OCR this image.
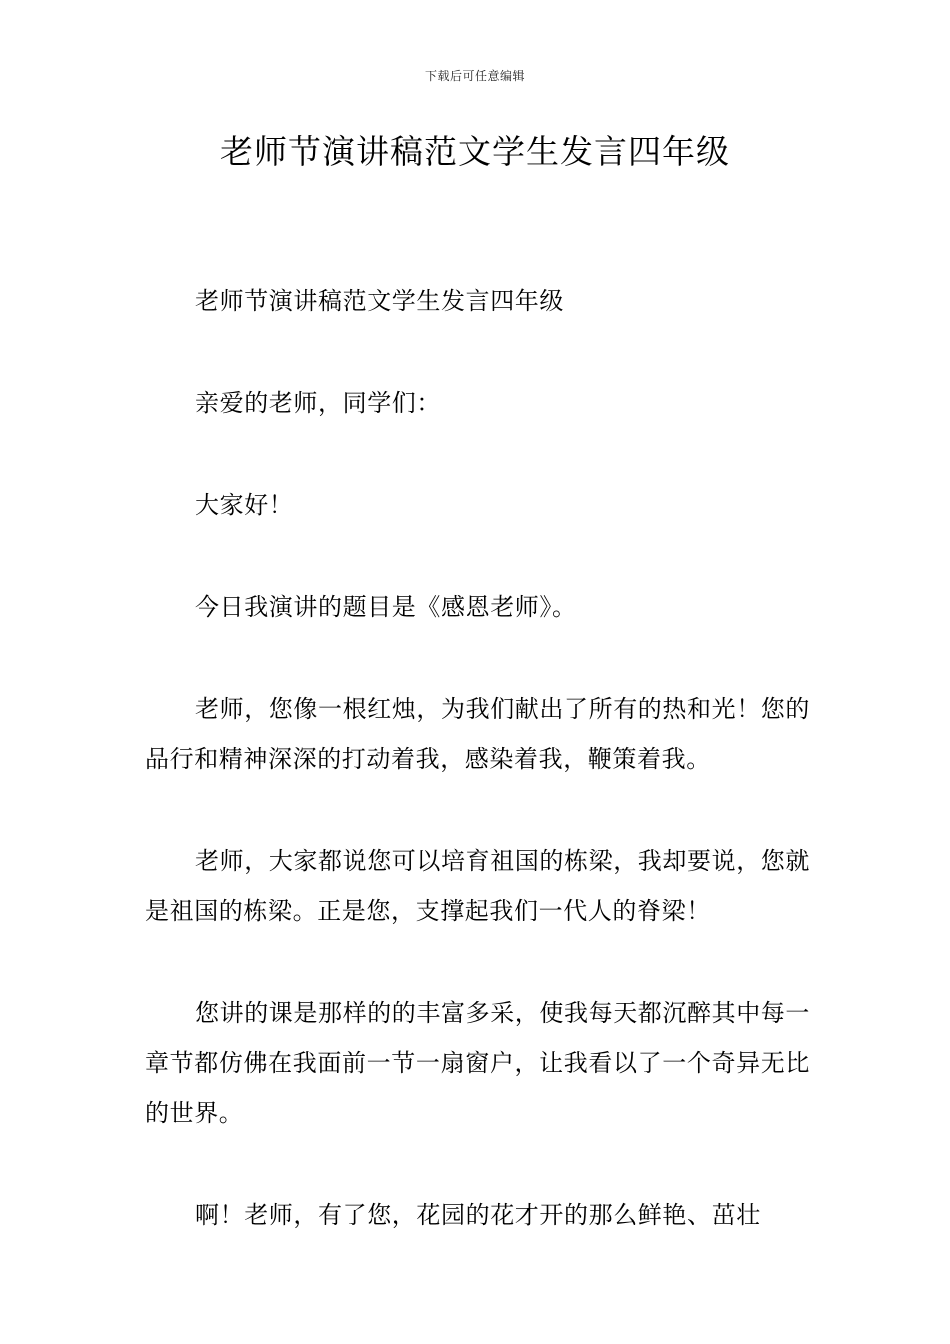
下载后可任意编辑
老师节演讲稿范文学生发言四年级

老师节演讲稿范文学生发言四年级

亲爱的老师，同学们：

大家好！

今日我演讲的题目是《感恩老师》。

老师，您像一根红烛，为我们献出了所有的热和光！您的品行和精神深深的打动着我，感染着我，鞭策着我。

老师，大家都说您可以培育祖国的栋梁，我却要说，您就是祖国的栋梁。正是您，支撑起我们一代人的脊梁！

您讲的课是那样的的丰富多采，使我每天都沉醉其中每一章节都仿佛在我面前一节一扇窗户，让我看以了一个奇异无比的世界。

啊！老师，有了您，花园的花才开的那么鲜艳、茁壮
